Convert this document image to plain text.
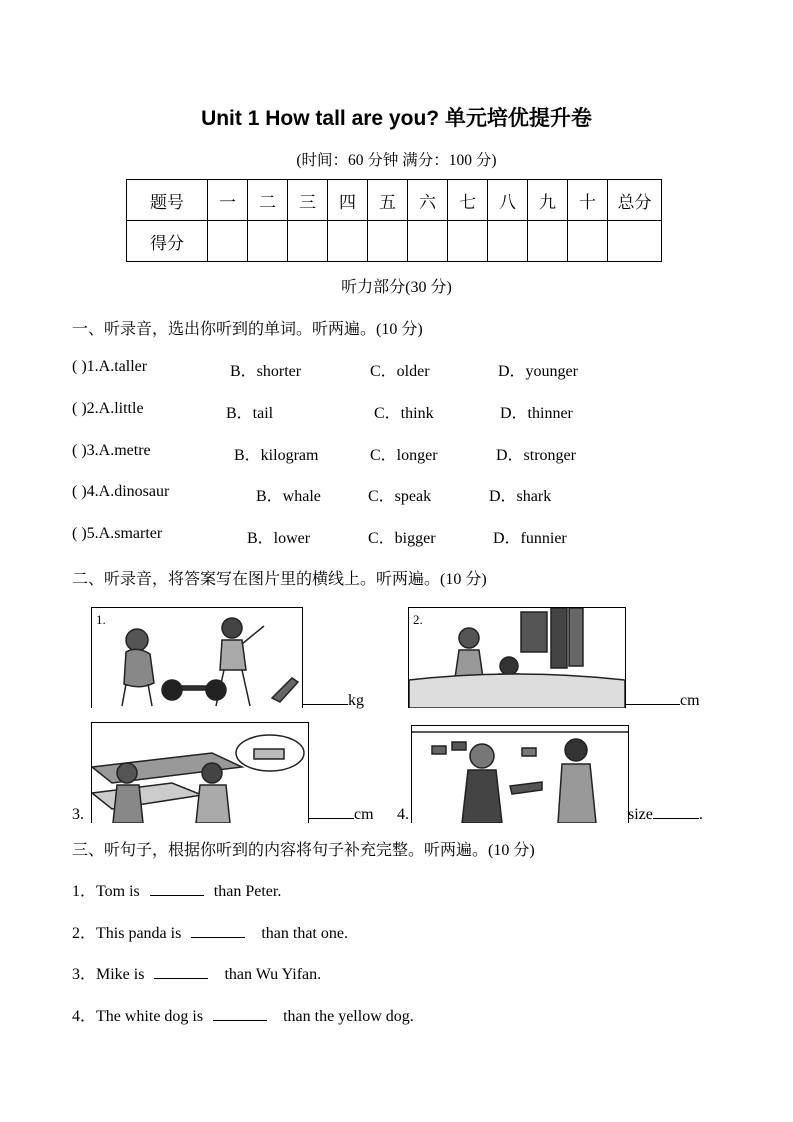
Unit 1 How tall are you? 单元培优提升卷
(时间：60 分钟 满分：100 分)
题号	一	二	三	四	五	六	七	八	九	十	总分
得分											
听力部分(30 分)
一、听录音，选出你听到的单词。听两遍。(10 分)
( )1.A.taller	B．shorter	C．older	D．younger
( )2.A.little	B．tail	C．think	D．thinner
( )3.A.metre	B．kilogram	C．longer	D．stronger
( )4.A.dinosaur	B．whale	C．speak	D．shark
( )5.A.smarter	B．lower	C．bigger	D．funnier
二、听录音，将答案写在图片里的横线上。听两遍。(10 分)
1.
kg
2.
cm
3.	cm 4.	size	.
三、听句子，根据你听到的内容将句子补充完整。听两遍。(10 分)
1．Tom is	than Peter.
2．This panda is	than that one.
3．Mike is	than Wu Yifan.
4．The white dog is	than the yellow dog.
